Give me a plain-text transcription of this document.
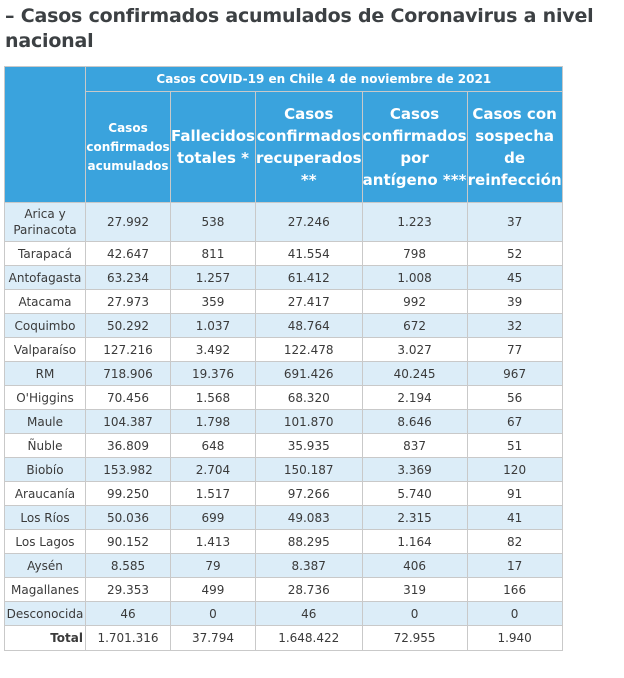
– Casos confirmados acumulados de Coronavirus a nivel nacional
	Casos COVID-19 en Chile 4 de noviembre de 2021				
	Casos confirmados acumulados	Fallecidos totales *	Casos confirmados recuperados **	Casos confirmados por antígeno ***	Casos con sospecha de reinfección
Arica y Parinacota	27.992	538	27.246	1.223	37
Tarapacá	42.647	811	41.554	798	52
Antofagasta	63.234	1.257	61.412	1.008	45
Atacama	27.973	359	27.417	992	39
Coquimbo	50.292	1.037	48.764	672	32
Valparaíso	127.216	3.492	122.478	3.027	77
RM	718.906	19.376	691.426	40.245	967
O'Higgins	70.456	1.568	68.320	2.194	56
Maule	104.387	1.798	101.870	8.646	67
Ñuble	36.809	648	35.935	837	51
Biobío	153.982	2.704	150.187	3.369	120
Araucanía	99.250	1.517	97.266	5.740	91
Los Ríos	50.036	699	49.083	2.315	41
Los Lagos	90.152	1.413	88.295	1.164	82
Aysén	8.585	79	8.387	406	17
Magallanes	29.353	499	28.736	319	166
Desconocida	46	0	46	0	0
Total	1.701.316	37.794	1.648.422	72.955	1.940
